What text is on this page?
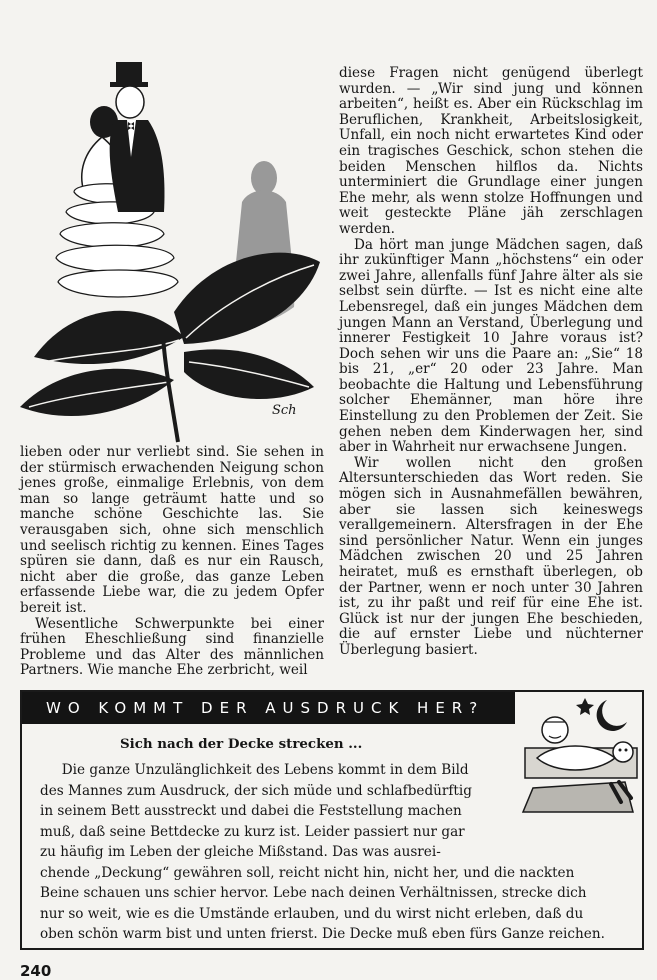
Sch

lieben oder nur verliebt sind. Sie sehen in der stürmisch erwachenden Neigung schon jenes große, einmalige Erlebnis, von dem man so lange geträumt hatte und so manche schöne Geschichte las. Sie verausgaben sich, ohne sich menschlich und seelisch richtig zu kennen. Eines Tages spüren sie dann, daß es nur ein Rausch, nicht aber die große, das ganze Leben erfassende Liebe war, die zu jedem Opfer bereit ist.

Wesentliche Schwerpunkte bei einer frühen Eheschließung sind finanzielle Probleme und das Alter des männlichen Partners. Wie manche Ehe zerbricht, weil

diese Fragen nicht genügend überlegt wurden. — „Wir sind jung und können arbeiten“, heißt es. Aber ein Rückschlag im Beruflichen, Krankheit, Arbeitslosigkeit, Unfall, ein noch nicht erwartetes Kind oder ein tragisches Geschick, schon stehen die beiden Menschen hilflos da. Nichts unterminiert die Grundlage einer jungen Ehe mehr, als wenn stolze Hoffnungen und weit gesteckte Pläne jäh zerschlagen werden.

Da hört man junge Mädchen sagen, daß ihr zukünftiger Mann „höchstens“ ein oder zwei Jahre, allenfalls fünf Jahre älter als sie selbst sein dürfte. — Ist es nicht eine alte Lebensregel, daß ein junges Mädchen dem jungen Mann an Verstand, Überlegung und innerer Festigkeit 10 Jahre voraus ist? Doch sehen wir uns die Paare an: „Sie“ 18 bis 21, „er“ 20 oder 23 Jahre. Man beobachte die Haltung und Lebensführung solcher Ehemänner, man höre ihre Einstellung zu den Problemen der Zeit. Sie gehen neben dem Kinderwagen her, sind aber in Wahrheit nur erwachsene Jungen.

Wir wollen nicht den großen Altersunterschieden das Wort reden. Sie mögen sich in Ausnahmefällen bewähren, aber sie lassen sich keineswegs verallgemeinern. Altersfragen in der Ehe sind persönlicher Natur. Wenn ein junges Mädchen zwischen 20 und 25 Jahren heiratet, muß es ernsthaft überlegen, ob der Partner, wenn er noch unter 30 Jahren ist, zu ihr paßt und reif für eine Ehe ist. Glück ist nur der jungen Ehe beschieden, die auf ernster Liebe und nüchterner Überlegung basiert.

WO KOMMT DER AUSDRUCK HER?
Sich nach der Decke strecken ...

Die ganze Unzulänglichkeit des Lebens kommt in dem Bild

des Mannes zum Ausdruck, der sich müde und schlafbedürftig

in seinem Bett ausstreckt und dabei die Feststellung machen

muß, daß seine Bettdecke zu kurz ist. Leider passiert nur gar

zu häufig im Leben der gleiche Mißstand. Das was ausrei-

chende „Deckung“ gewähren soll, reicht nicht hin, nicht her, und die nackten

Beine schauen uns schier hervor. Lebe nach deinen Verhältnissen, strecke dich

nur so weit, wie es die Umstände erlauben, und du wirst nicht erleben, daß du

oben schön warm bist und unten frierst. Die Decke muß eben fürs Ganze reichen.

240
